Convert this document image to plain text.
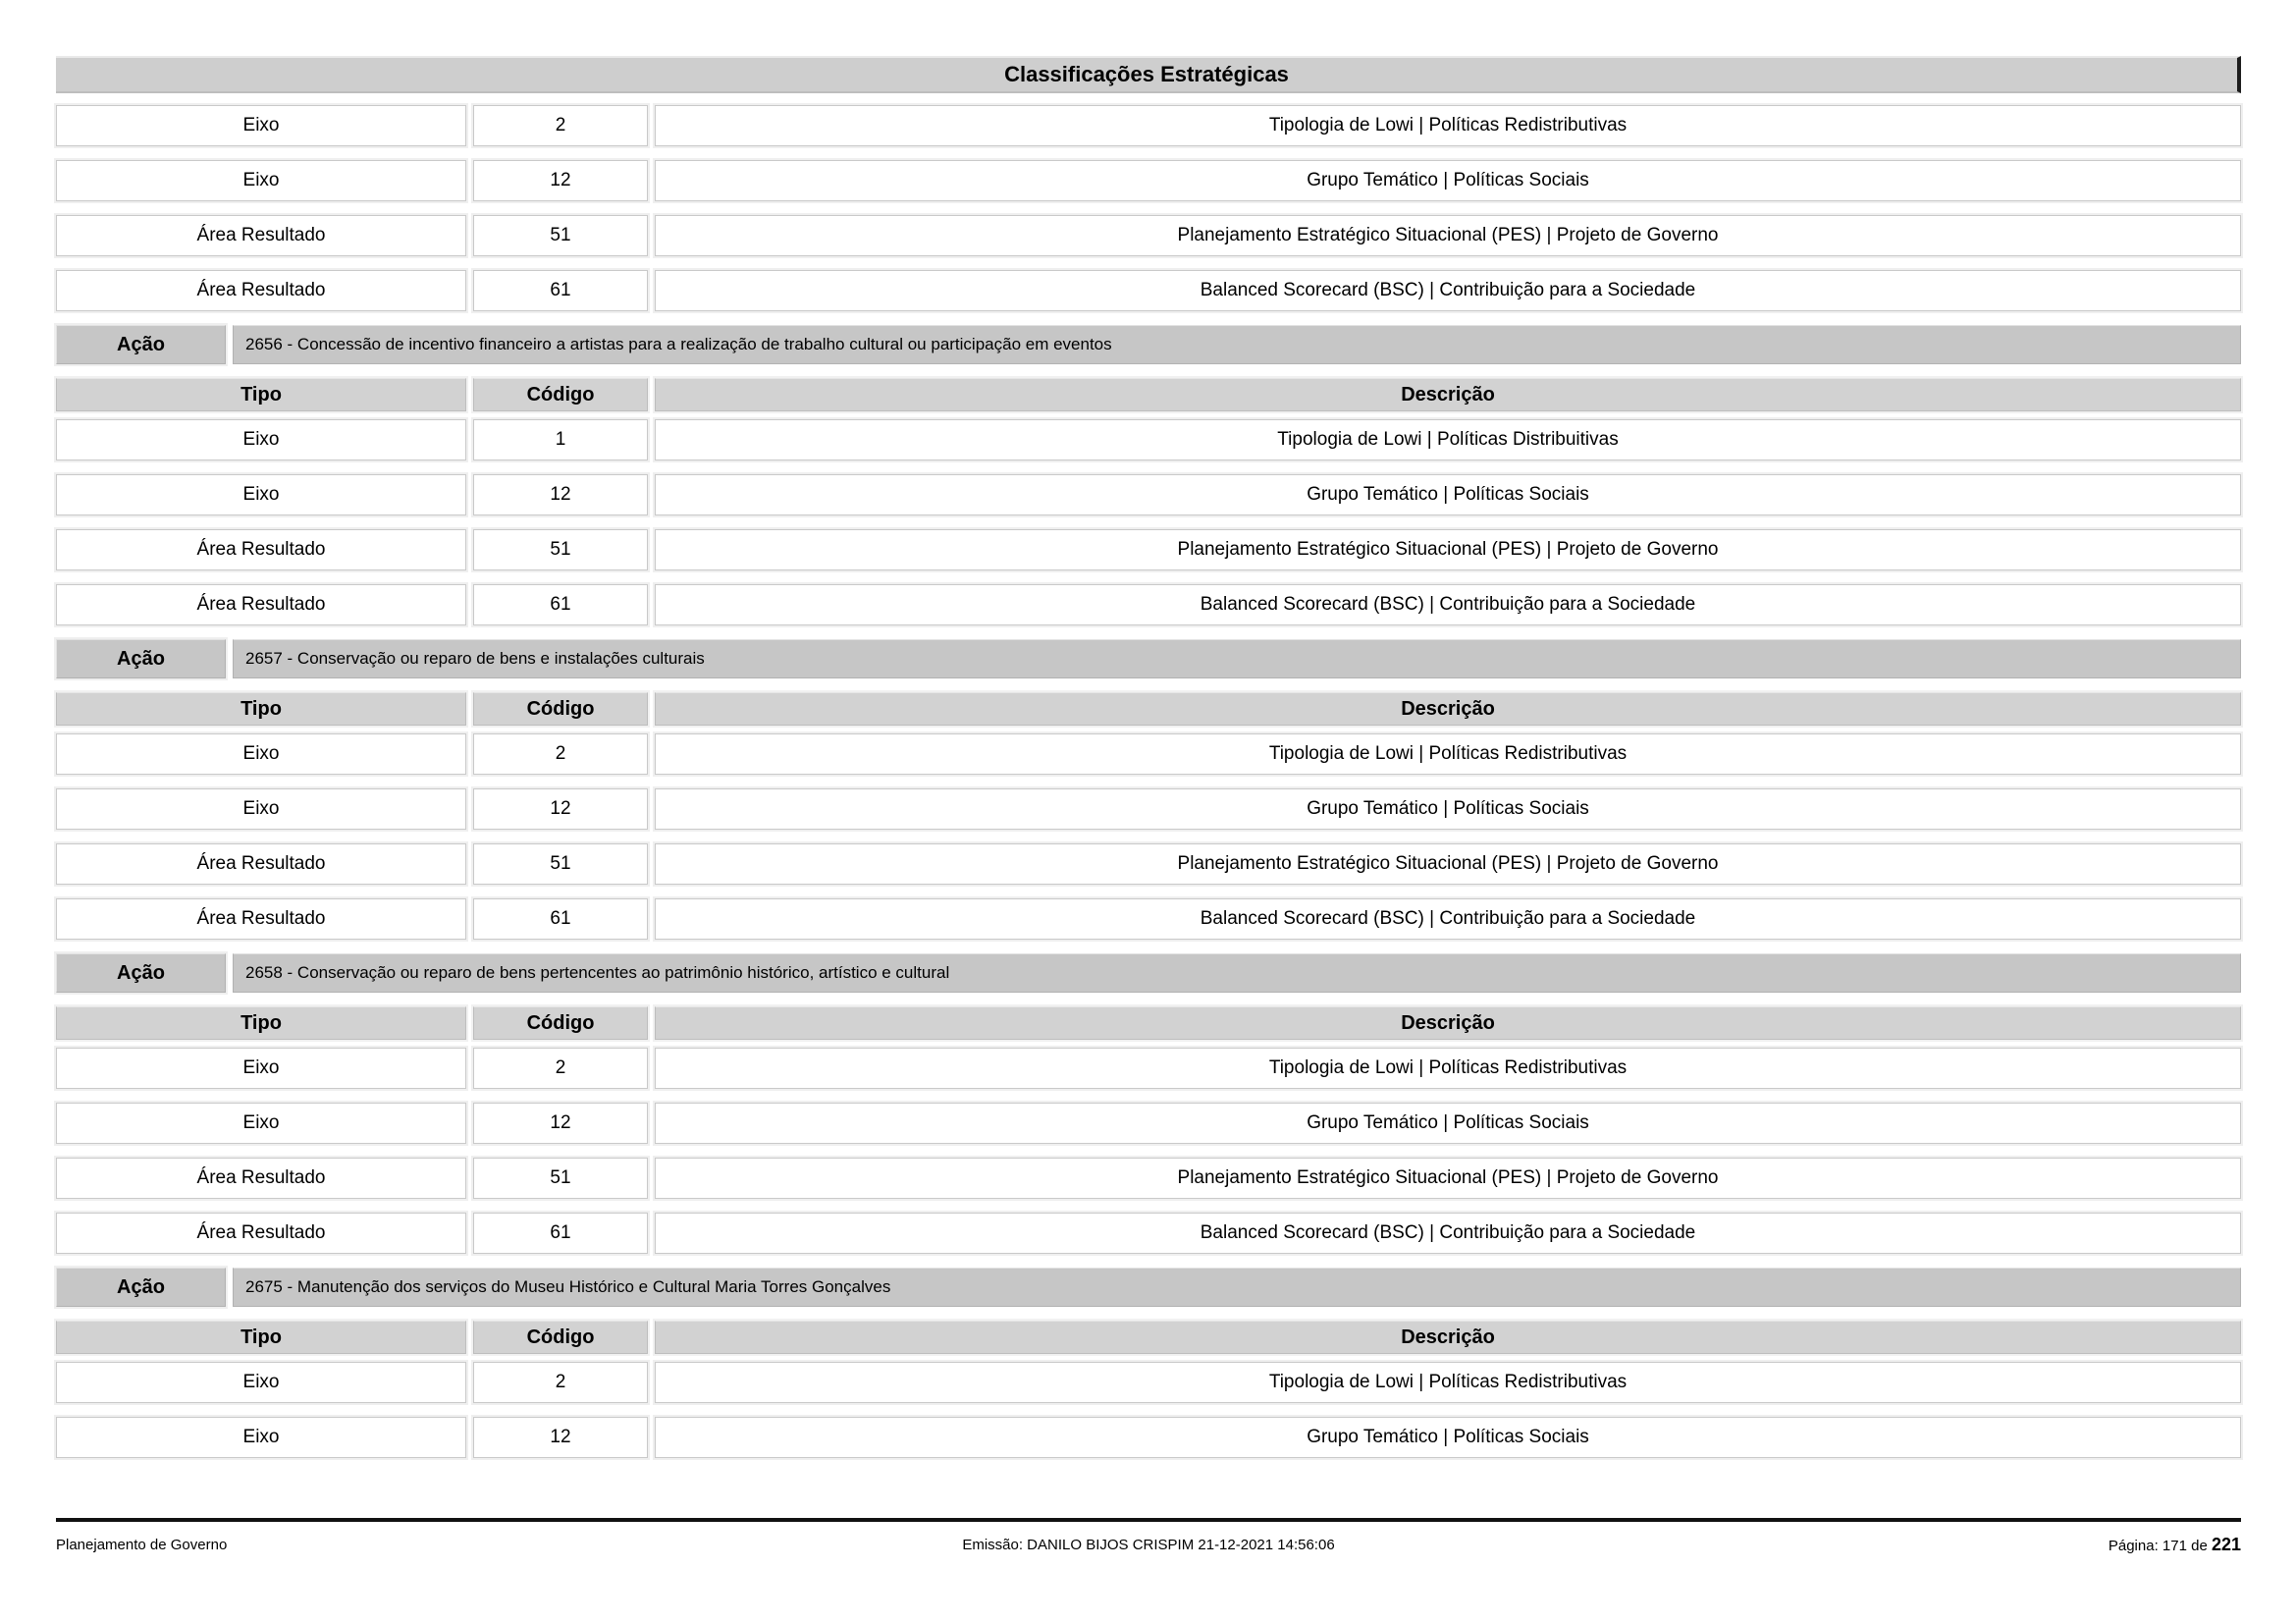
Classificações Estratégicas
Eixo	2	Tipologia de Lowi | Políticas Redistributivas
Eixo	12	Grupo Temático | Políticas Sociais
Área Resultado	51	Planejamento Estratégico Situacional (PES) | Projeto de Governo
Área Resultado	61	Balanced Scorecard (BSC) | Contribuição para a Sociedade
Ação	2656 - Concessão de incentivo financeiro a artistas para a realização de trabalho cultural ou participação em eventos
Tipo	Código	Descrição
Eixo	1	Tipologia de Lowi | Políticas Distribuitivas
Eixo	12	Grupo Temático | Políticas Sociais
Área Resultado	51	Planejamento Estratégico Situacional (PES) | Projeto de Governo
Área Resultado	61	Balanced Scorecard (BSC) | Contribuição para a Sociedade
Ação	2657 - Conservação ou reparo de bens e instalações culturais
Tipo	Código	Descrição
Eixo	2	Tipologia de Lowi | Políticas Redistributivas
Eixo	12	Grupo Temático | Políticas Sociais
Área Resultado	51	Planejamento Estratégico Situacional (PES) | Projeto de Governo
Área Resultado	61	Balanced Scorecard (BSC) | Contribuição para a Sociedade
Ação	2658 - Conservação ou reparo de bens pertencentes ao patrimônio histórico, artístico e cultural
Tipo	Código	Descrição
Eixo	2	Tipologia de Lowi | Políticas Redistributivas
Eixo	12	Grupo Temático | Políticas Sociais
Área Resultado	51	Planejamento Estratégico Situacional (PES) | Projeto de Governo
Área Resultado	61	Balanced Scorecard (BSC) | Contribuição para a Sociedade
Ação	2675 - Manutenção dos serviços do Museu Histórico e Cultural Maria Torres Gonçalves
Tipo	Código	Descrição
Eixo	2	Tipologia de Lowi | Políticas Redistributivas
Eixo	12	Grupo Temático | Políticas Sociais
Planejamento de Governo	Emissão: DANILO BIJOS CRISPIM 21-12-2021 14:56:06	Página: 171 de 221
